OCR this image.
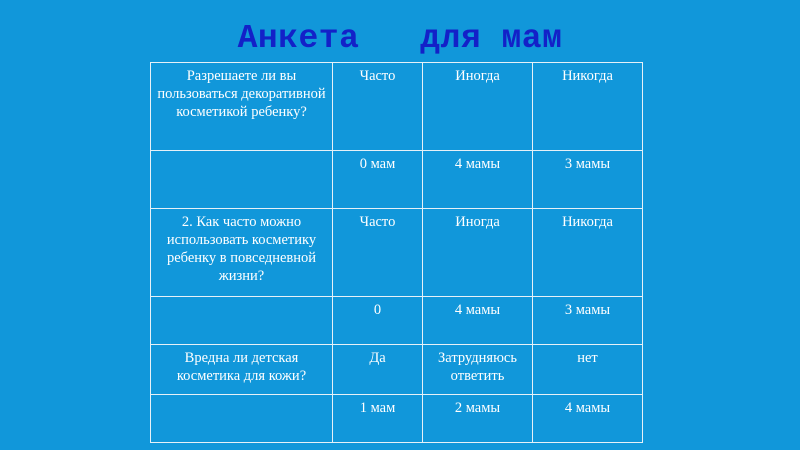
Анкета   для мам
Разрешаете ли вы пользоваться декоративной косметикой ребенку?	Часто	Иногда	Никогда
	0 мам	4 мамы	3 мамы
2. Как часто можно использовать косметику ребенку в повседневной жизни?	Часто	Иногда	Никогда
	0	4 мамы	3 мамы
Вредна ли детская косметика для кожи?	Да	Затрудняюсь ответить	нет
	1 мам	2 мамы	4 мамы
